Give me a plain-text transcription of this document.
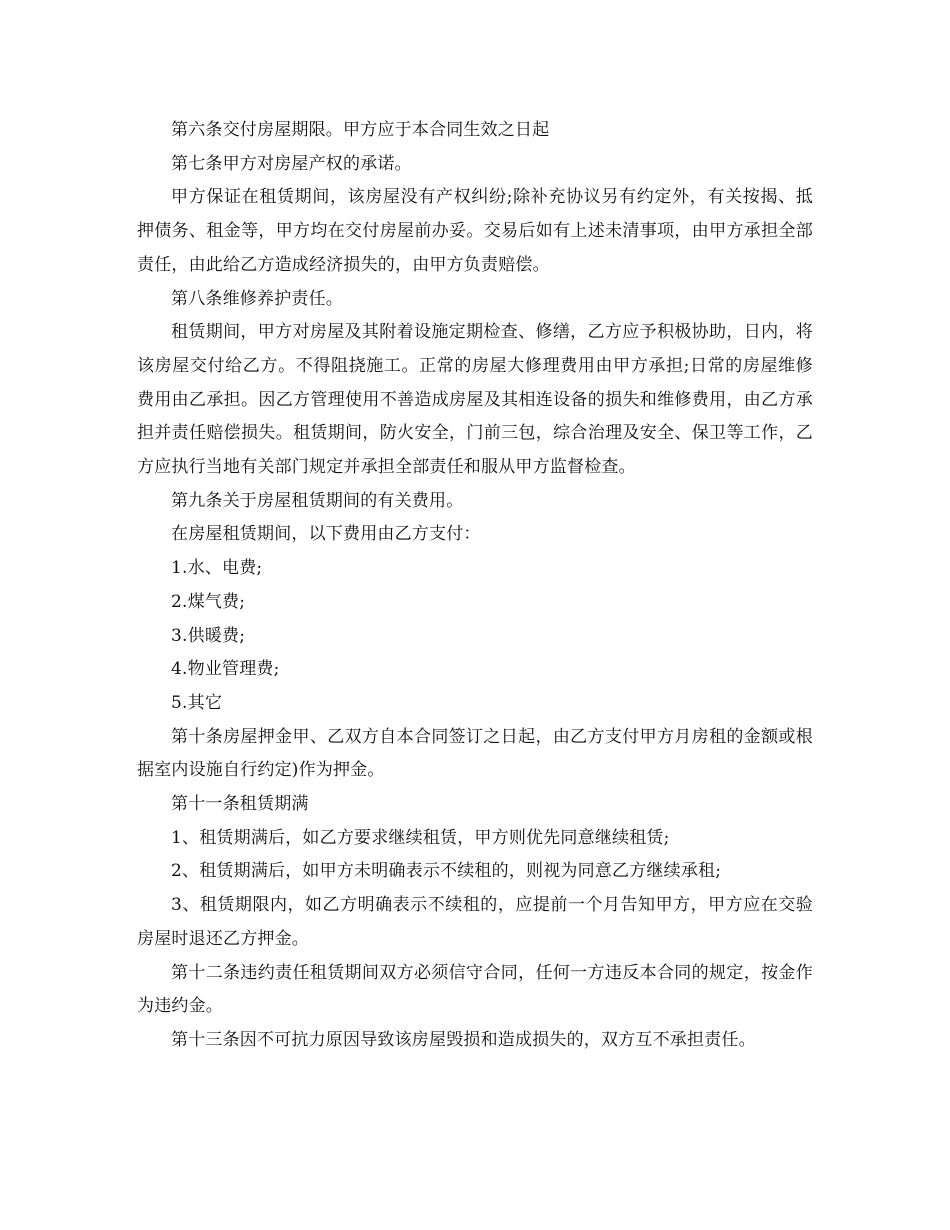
第六条交付房屋期限。甲方应于本合同生效之日起

第七条甲方对房屋产权的承诺。

甲方保证在租赁期间，该房屋没有产权纠纷;除补充协议另有约定外，有关按揭、抵押债务、租金等，甲方均在交付房屋前办妥。交易后如有上述未清事项，由甲方承担全部责任，由此给乙方造成经济损失的，由甲方负责赔偿。

第八条维修养护责任。

租赁期间，甲方对房屋及其附着设施定期检查、修缮，乙方应予积极协助，日内，将该房屋交付给乙方。不得阻挠施工。正常的房屋大修理费用由甲方承担;日常的房屋维修费用由乙承担。因乙方管理使用不善造成房屋及其相连设备的损失和维修费用，由乙方承担并责任赔偿损失。租赁期间，防火安全，门前三包，综合治理及安全、保卫等工作，乙方应执行当地有关部门规定并承担全部责任和服从甲方监督检查。

第九条关于房屋租赁期间的有关费用。

在房屋租赁期间，以下费用由乙方支付：

1.水、电费;

2.煤气费;

3.供暖费;

4.物业管理费;

5.其它

第十条房屋押金甲、乙双方自本合同签订之日起，由乙方支付甲方月房租的金额或根据室内设施自行约定)作为押金。

第十一条租赁期满

1、租赁期满后，如乙方要求继续租赁，甲方则优先同意继续租赁;

2、租赁期满后，如甲方未明确表示不续租的，则视为同意乙方继续承租;

3、租赁期限内，如乙方明确表示不续租的，应提前一个月告知甲方，甲方应在交验房屋时退还乙方押金。

第十二条违约责任租赁期间双方必须信守合同，任何一方违反本合同的规定，按金作为违约金。

第十三条因不可抗力原因导致该房屋毁损和造成损失的，双方互不承担责任。
